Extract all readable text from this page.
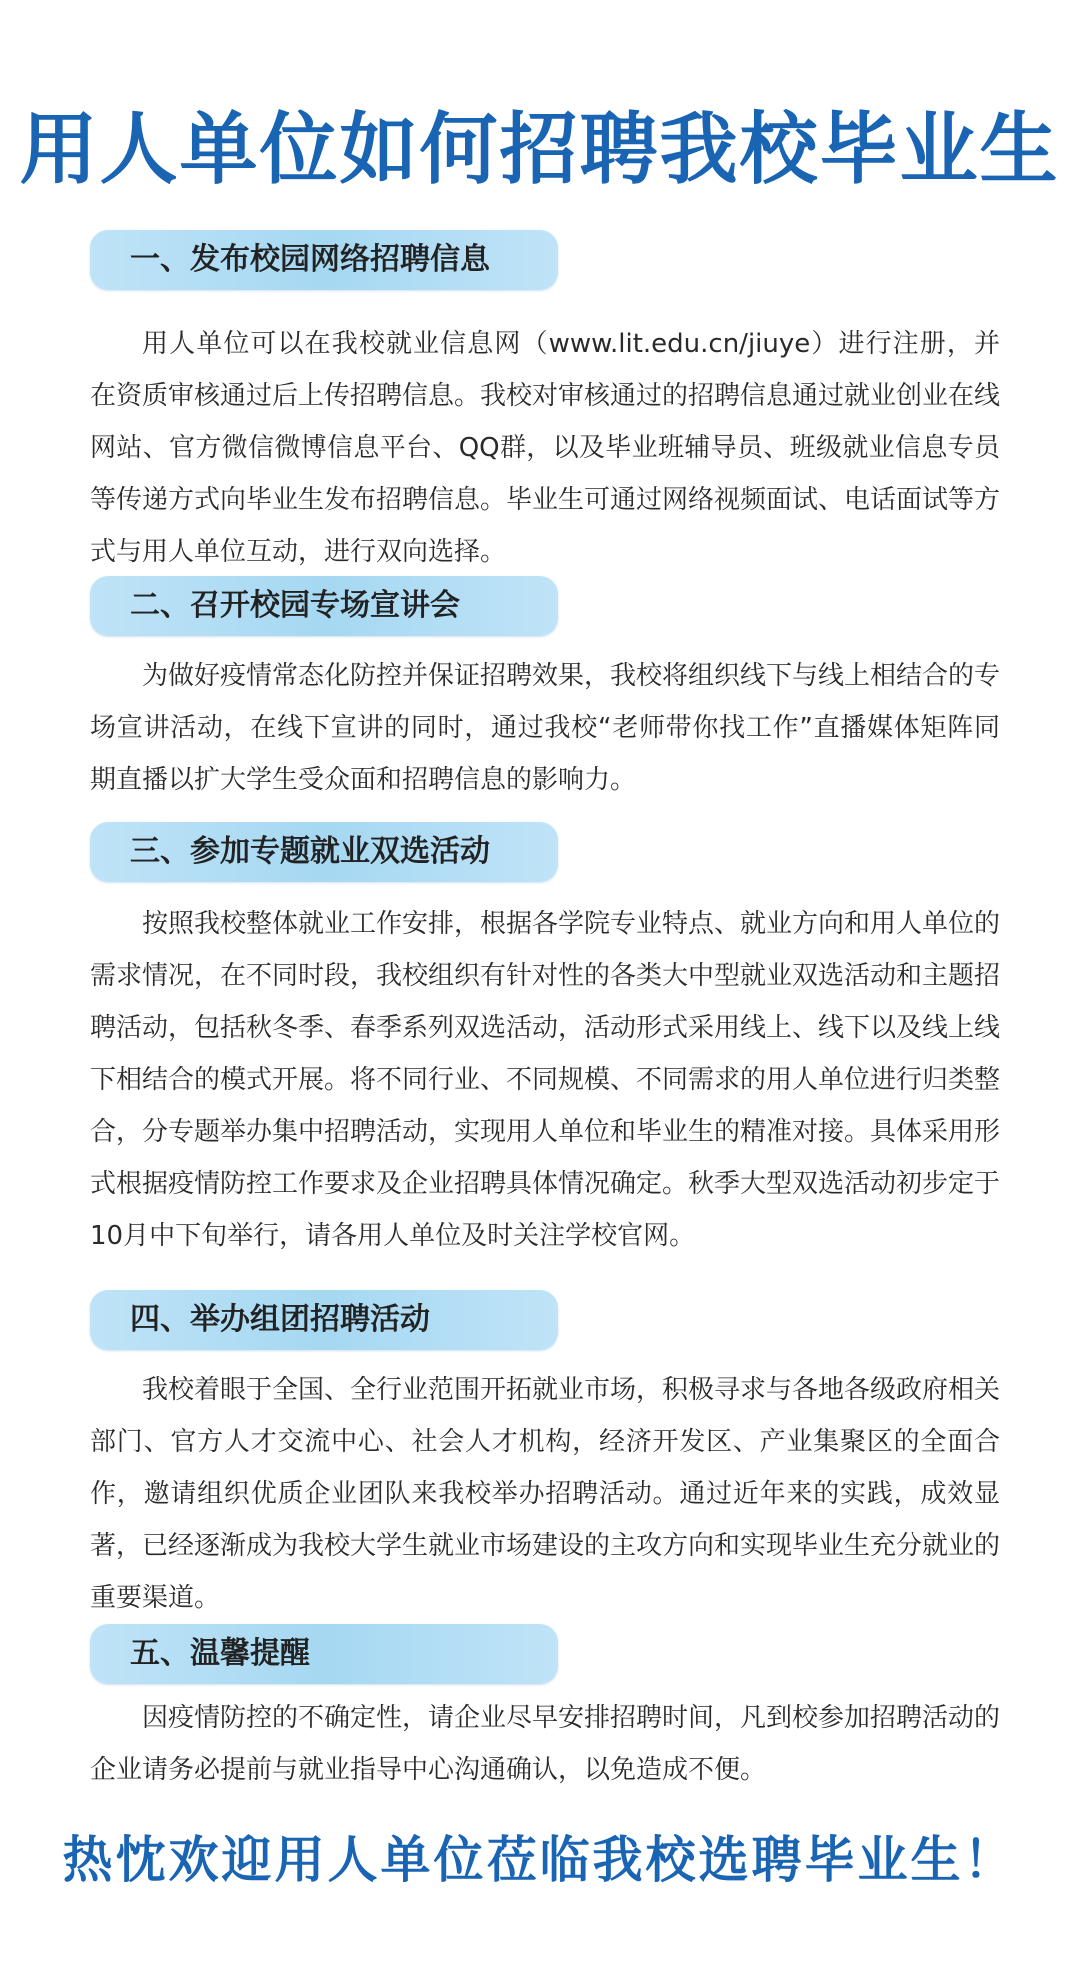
用人单位如何招聘我校毕业生
一、发布校园网络招聘信息

用人单位可以在我校就业信息网（www.lit.edu.cn/jiuye）进行注册，并在资质审核通过后上传招聘信息。我校对审核通过的招聘信息通过就业创业在线网站、官方微信微博信息平台、QQ群，以及毕业班辅导员、班级就业信息专员等传递方式向毕业生发布招聘信息。毕业生可通过网络视频面试、电话面试等方式与用人单位互动，进行双向选择。

二、召开校园专场宣讲会

为做好疫情常态化防控并保证招聘效果，我校将组织线下与线上相结合的专场宣讲活动，在线下宣讲的同时，通过我校“老师带你找工作”直播媒体矩阵同期直播以扩大学生受众面和招聘信息的影响力。

三、参加专题就业双选活动

按照我校整体就业工作安排，根据各学院专业特点、就业方向和用人单位的需求情况，在不同时段，我校组织有针对性的各类大中型就业双选活动和主题招聘活动，包括秋冬季、春季系列双选活动，活动形式采用线上、线下以及线上线下相结合的模式开展。将不同行业、不同规模、不同需求的用人单位进行归类整合，分专题举办集中招聘活动，实现用人单位和毕业生的精准对接。具体采用形式根据疫情防控工作要求及企业招聘具体情况确定。秋季大型双选活动初步定于10月中下旬举行，请各用人单位及时关注学校官网。

四、举办组团招聘活动

我校着眼于全国、全行业范围开拓就业市场，积极寻求与各地各级政府相关部门、官方人才交流中心、社会人才机构，经济开发区、产业集聚区的全面合作，邀请组织优质企业团队来我校举办招聘活动。通过近年来的实践，成效显著，已经逐渐成为我校大学生就业市场建设的主攻方向和实现毕业生充分就业的重要渠道。

五、温馨提醒

因疫情防控的不确定性，请企业尽早安排招聘时间，凡到校参加招聘活动的企业请务必提前与就业指导中心沟通确认，以免造成不便。

热忱欢迎用人单位莅临我校选聘毕业生！
